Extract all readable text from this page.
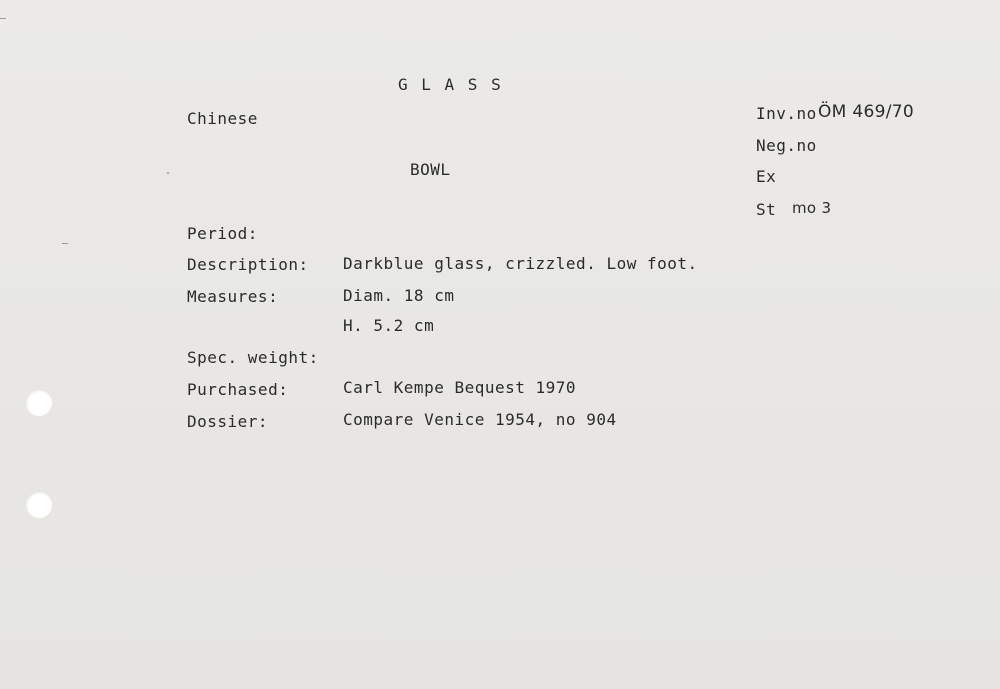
G L A S S
Chinese
BOWL
Inv.no ÖM 469/70
Neg.no
Ex
St mo 3
Period:
Description:
Measures:
Spec. weight:
Purchased:
Dossier:
Darkblue glass, crizzled. Low foot.
Diam. 18 cm
H. 5.2 cm
Carl Kempe Bequest 1970
Compare Venice 1954, no 904
